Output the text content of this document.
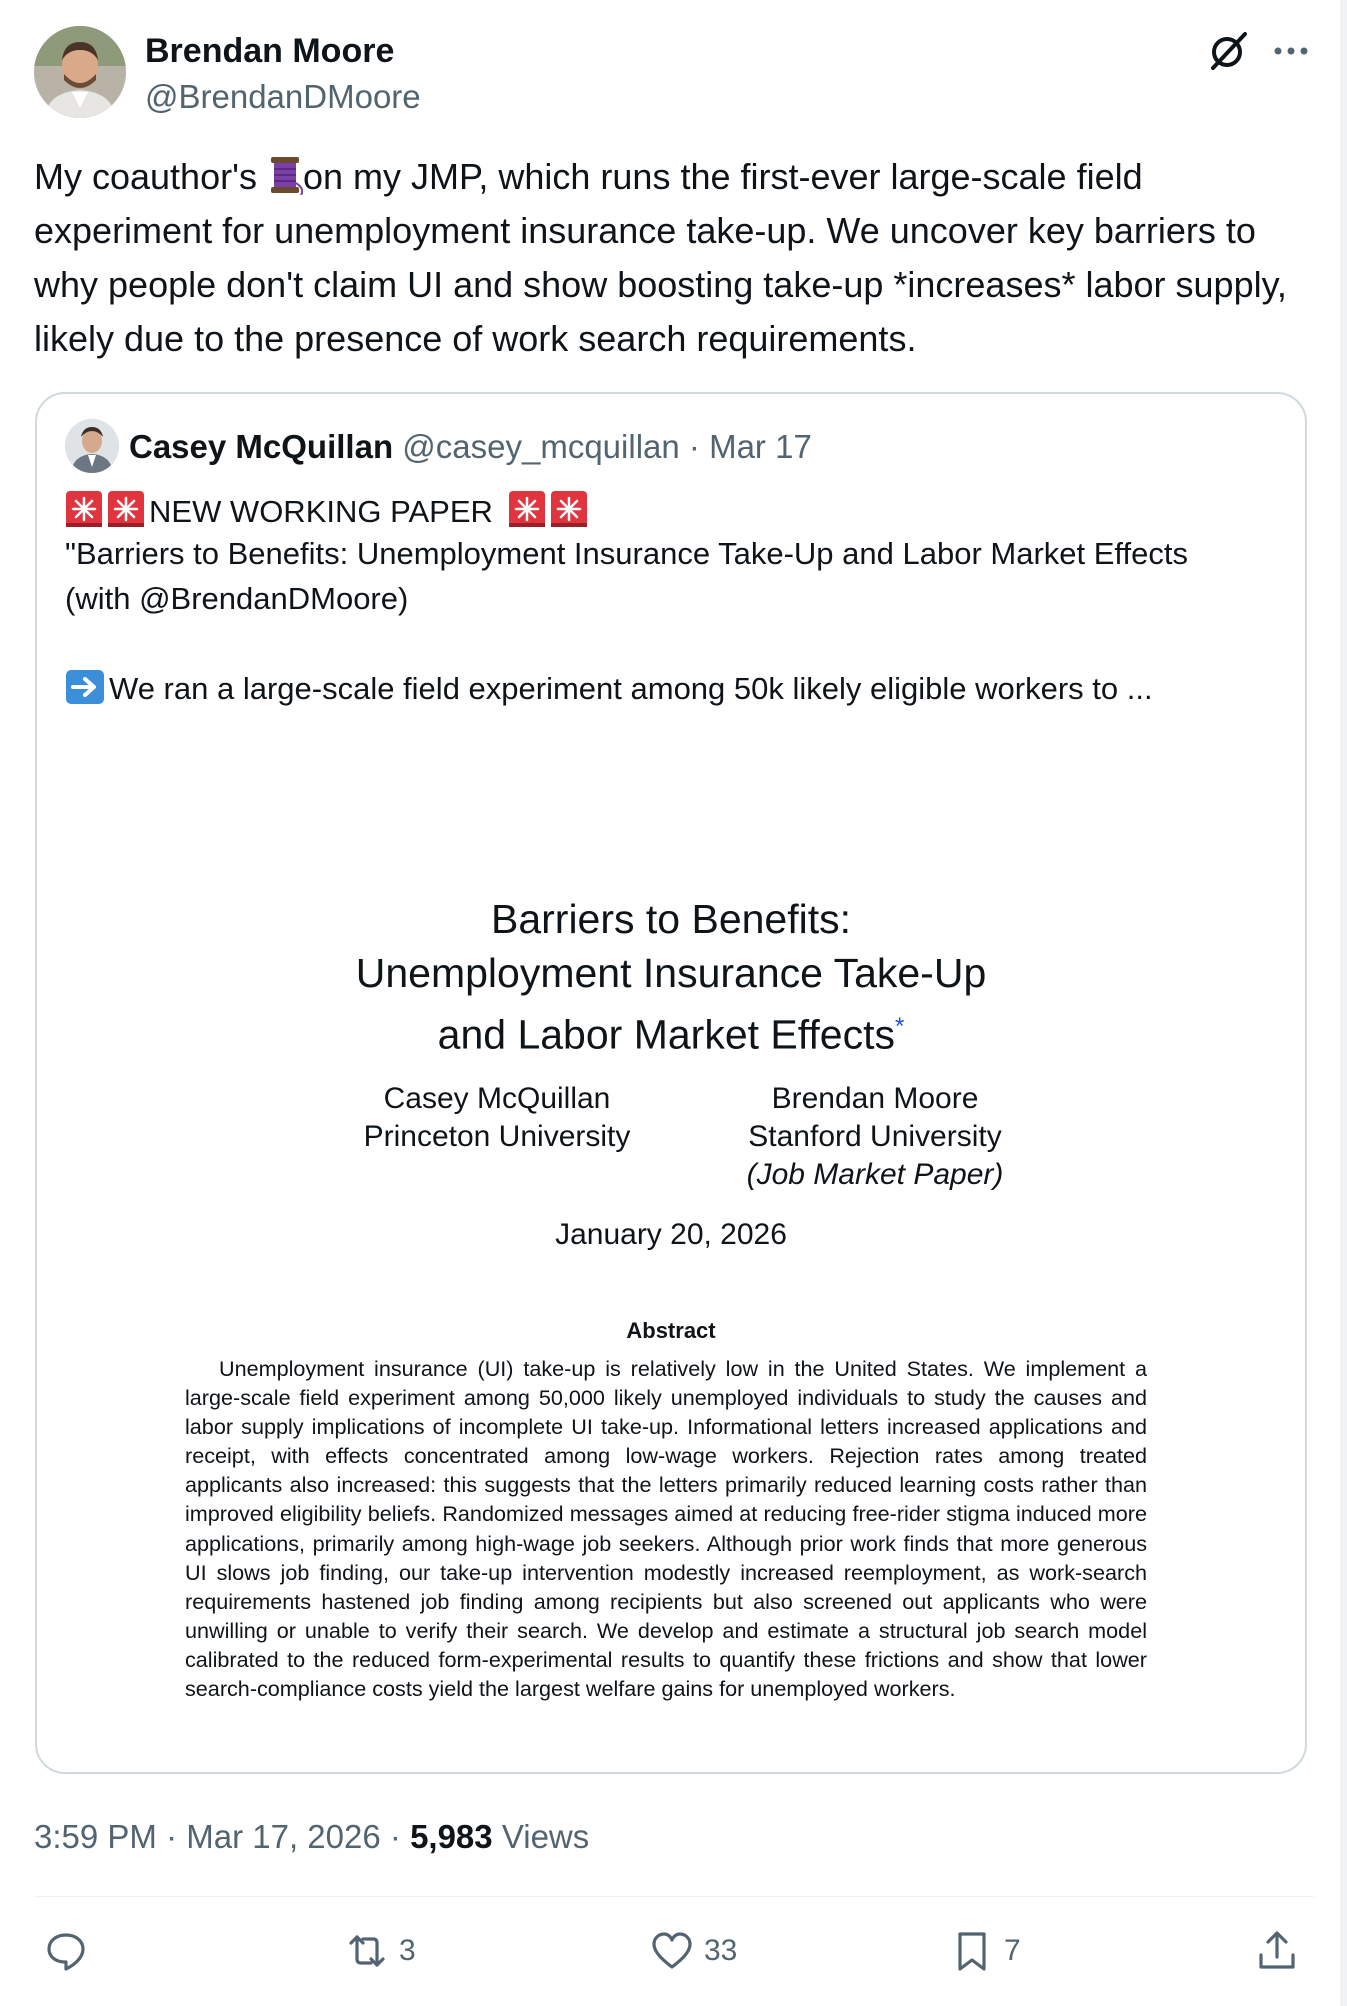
Brendan Moore
@BrendanDMoore
My coauthor's on my JMP, which runs the first-ever large-scale field experiment for unemployment insurance take-up. We uncover key barriers to why people don't claim UI and show boosting take-up *increases* labor supply, likely due to the presence of work search requirements.
Casey McQuillan @casey_mcquillan · Mar 17
NEW WORKING PAPER
"Barriers to Benefits: Unemployment Insurance Take-Up and Labor Market Effects
(with @BrendanDMoore)
We ran a large-scale field experiment among 50k likely eligible workers to ...
Barriers to Benefits:
Unemployment Insurance Take-Up
and Labor Market Effects*
Casey McQuillan
Princeton University
Brendan Moore
Stanford University
(Job Market Paper)
January 20, 2026
Abstract

Unemployment insurance (UI) take-up is relatively low in the United States. We implement a large-scale field experiment among 50,000 likely unemployed individuals to study the causes and labor supply implications of incomplete UI take-up. Informational letters increased applications and receipt, with effects concentrated among low-wage workers. Rejection rates among treated applicants also increased: this suggests that the letters primarily reduced learning costs rather than improved eligibility beliefs. Randomized messages aimed at reducing free-rider stigma induced more applications, primarily among high-wage job seekers. Although prior work finds that more generous UI slows job finding, our take-up intervention modestly increased reemployment, as work-search requirements hastened job finding among recipients but also screened out applicants who were unwilling or unable to verify their search. We develop and estimate a structural job search model calibrated to the reduced form-experimental results to quantify these frictions and show that lower search-compliance costs yield the largest welfare gains for unemployed workers.

3:59 PM · Mar 17, 2026 · 5,983 Views
3	33	7
